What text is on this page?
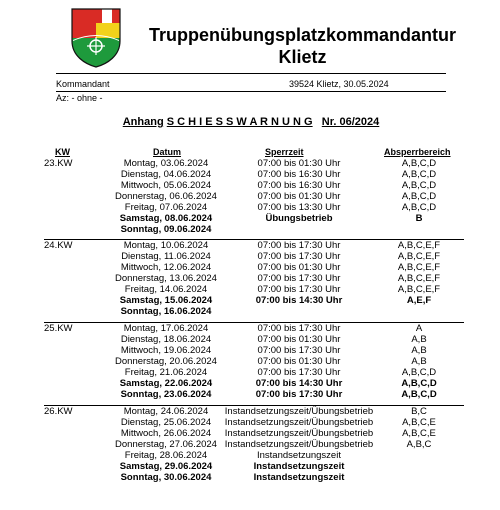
Truppenübungsplatzkommandantur
Klietz
Kommandant	39524 Klietz, 30.05.2024
Az: - ohne -
Anhang S C H I E S S W A R N U N G Nr. 06/2024
KW	Datum	Sperrzeit	Absperrbereich
23.KW	Montag, 03.06.2024	07:00 bis 01:30 Uhr	A,B,C,D
Dienstag, 04.06.2024	07:00 bis 16:30 Uhr	A,B,C,D
Mittwoch, 05.06.2024	07:00 bis 16:30 Uhr	A,B,C,D
Donnerstag, 06.06.2024	07:00 bis 01:30 Uhr	A,B,C,D
Freitag, 07.06.2024	07:00 bis 13:30 Uhr	A,B,C,D
Samstag, 08.06.2024	Übungsbetrieb	B
Sonntag, 09.06.2024
24.KW	Montag, 10.06.2024	07:00 bis 17:30 Uhr	A,B,C,E,F
Dienstag, 11.06.2024	07:00 bis 17:30 Uhr	A,B,C,E,F
Mittwoch, 12.06.2024	07:00 bis 01:30 Uhr	A,B,C,E,F
Donnerstag, 13.06.2024	07:00 bis 17:30 Uhr	A,B,C,E,F
Freitag, 14.06.2024	07:00 bis 17:30 Uhr	A,B,C,E,F
Samstag, 15.06.2024	07:00 bis 14:30 Uhr	A,E,F
Sonntag, 16.06.2024
25.KW	Montag, 17.06.2024	07:00 bis 17:30 Uhr	A
Dienstag, 18.06.2024	07:00 bis 01:30 Uhr	A,B
Mittwoch, 19.06.2024	07:00 bis 17:30 Uhr	A,B
Donnerstag, 20.06.2024	07:00 bis 01:30 Uhr	A,B
Freitag, 21.06.2024	07:00 bis 17:30 Uhr	A,B,C,D
Samstag, 22.06.2024	07:00 bis 14:30 Uhr	A,B,C,D
Sonntag, 23.06.2024	07:00 bis 17:30 Uhr	A,B,C,D
26.KW	Montag, 24.06.2024	Instandsetzungszeit/Übungsbetrieb	B,C
Dienstag, 25.06.2024	Instandsetzungszeit/Übungsbetrieb	A,B,C,E
Mittwoch, 26.06.2024	Instandsetzungszeit/Übungsbetrieb	A,B,C,E
Donnerstag, 27.06.2024 Instandsetzungszeit/Übungsbetrieb	A,B,C
Freitag, 28.06.2024	Instandsetzungszeit
Samstag, 29.06.2024	Instandsetzungszeit
Sonntag, 30.06.2024	Instandsetzungszeit
